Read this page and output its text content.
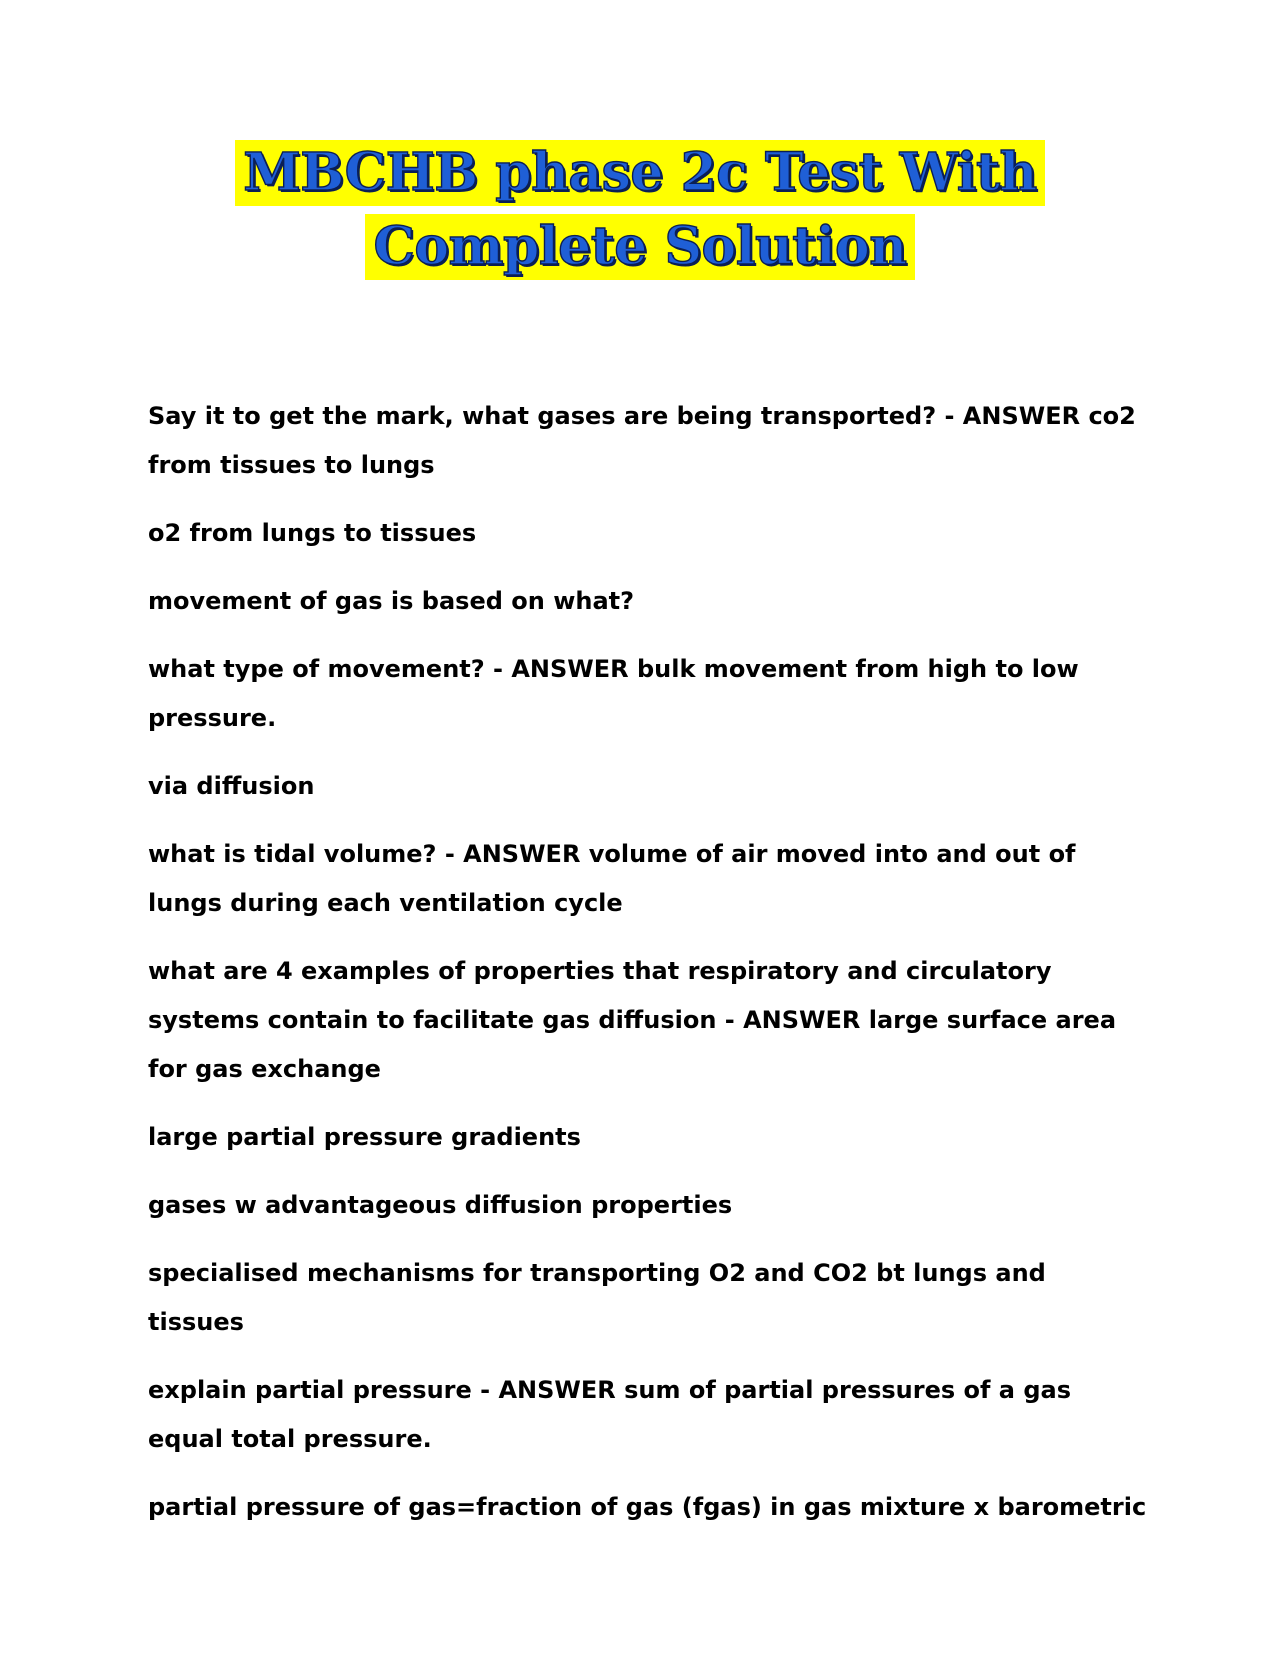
MBCHB phase 2c Test With
Complete Solution

Say it to get the mark, what gases are being transported? - ANSWER co2 from tissues to lungs

o2 from lungs to tissues

movement of gas is based on what?

what type of movement? - ANSWER bulk movement from high to low pressure.

via diffusion

what is tidal volume? - ANSWER volume of air moved into and out of lungs during each ventilation cycle

what are 4 examples of properties that respiratory and circulatory systems contain to facilitate gas diffusion - ANSWER large surface area for gas exchange

large partial pressure gradients

gases w advantageous diffusion properties

specialised mechanisms for transporting O2 and CO2 bt lungs and tissues

explain partial pressure - ANSWER sum of partial pressures of a gas equal total pressure.

partial pressure of gas=fraction of gas (fgas) in gas mixture x barometric
